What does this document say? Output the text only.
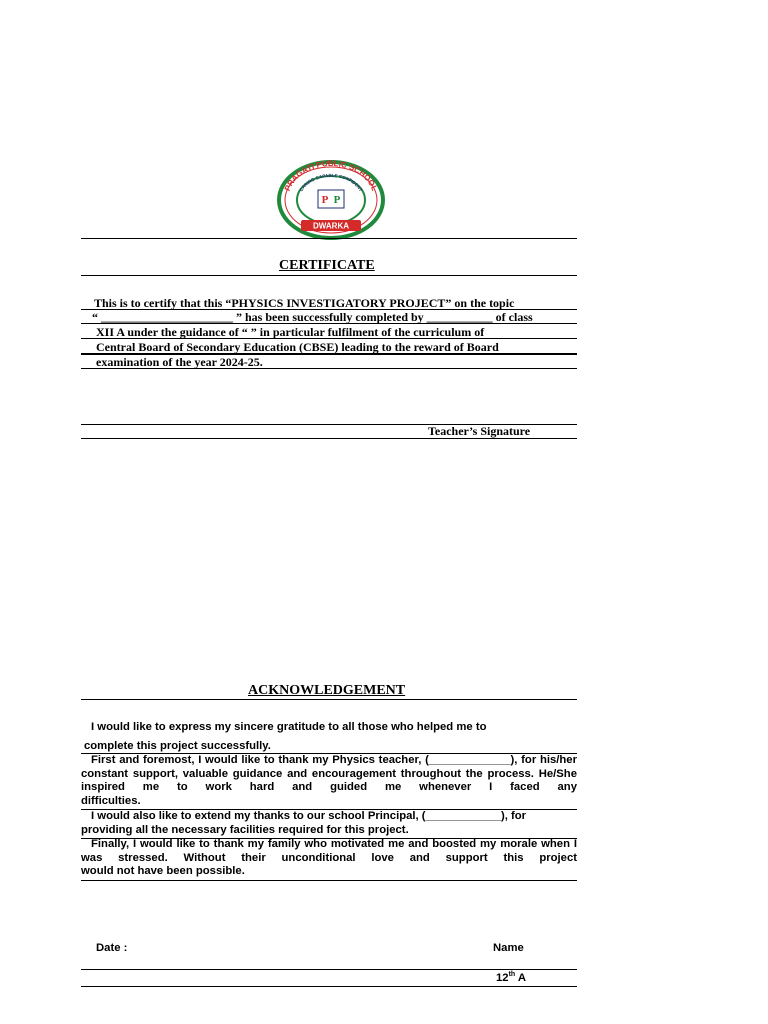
PRAGATI PUBLIC SCHOOL
CARING CAPABLE CONFIDENT
DWARKA
P P
CERTIFICATE
This is to certify that this “PHYSICS INVESTIGATORY PROJECT” on the topic
“ ______________________ ” has been successfully completed by ___________ of class
XII A under the guidance of “ ” in particular fulfilment of the curriculum of
Central Board of Secondary Education (CBSE) leading to the reward of Board
examination of the year 2024-25.
Teacher’s Signature
ACKNOWLEDGEMENT
I would like to express my sincere gratitude to all those who helped me to
complete this project successfully.
First and foremost, I would like to thank my Physics teacher, (_____________), for his/her constant support, valuable guidance and encouragement throughout the process. He/She inspired me to work hard and guided me whenever I faced any
difficulties.
I would also like to extend my thanks to our school Principal, (____________), for
providing all the necessary facilities required for this project.
Finally, I would like to thank my family who motivated me and boosted my morale when I was stressed. Without their unconditional love and support this project
would not have been possible.
Date :	Name
12th A
